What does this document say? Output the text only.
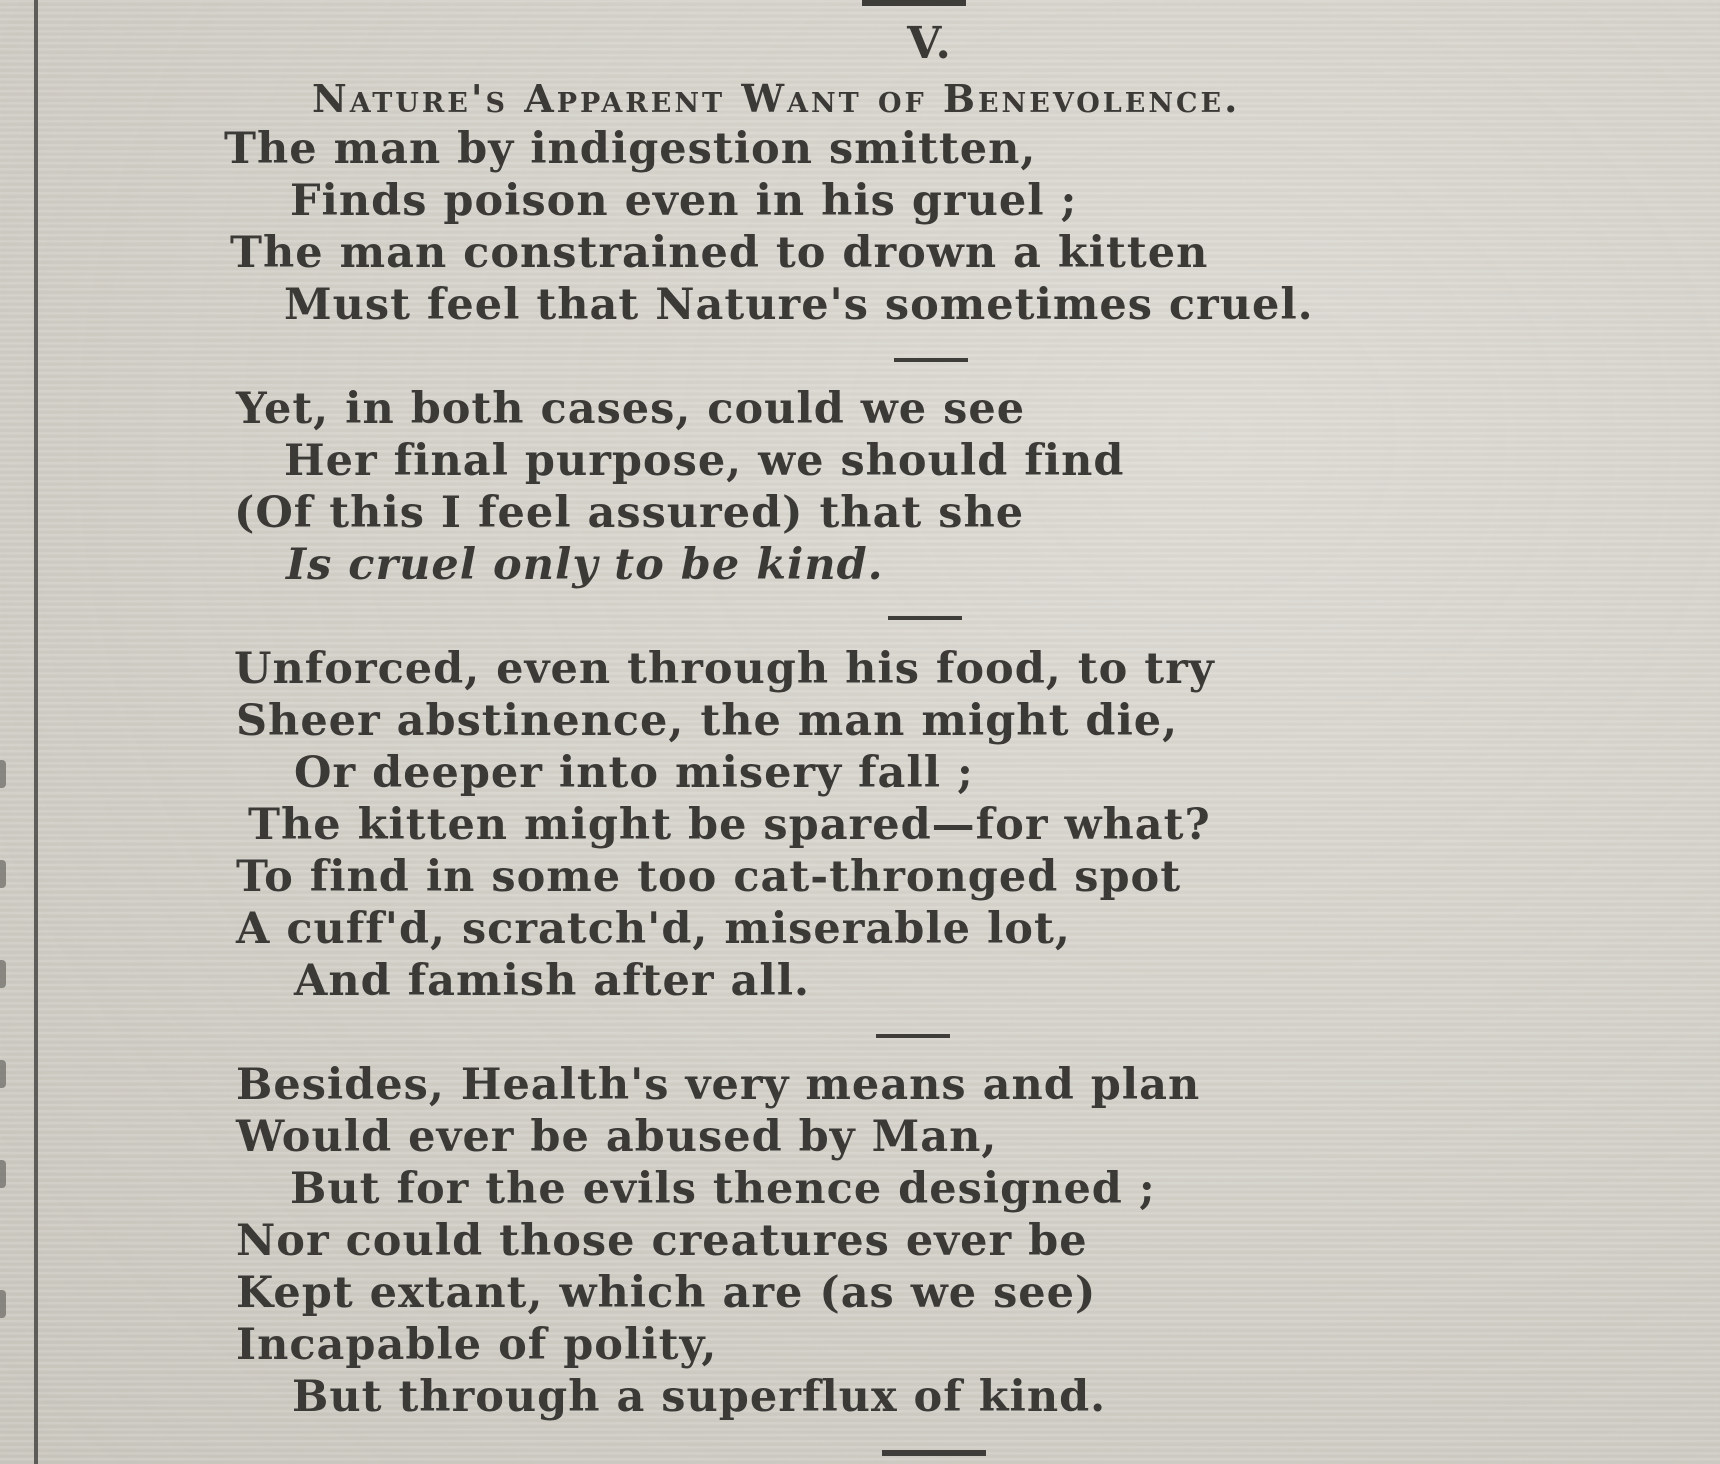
V.
Nature's Apparent Want of Benevolence.
The man by indigestion smitten,
Finds poison even in his gruel ;
The man constrained to drown a kitten
Must feel that Nature's sometimes cruel.
Yet, in both cases, could we see
Her final purpose, we should find
(Of this I feel assured) that she
Is cruel only to be kind.
Unforced, even through his food, to try
Sheer abstinence, the man might die,
Or deeper into misery fall ;
The kitten might be spared—for what?
To find in some too cat-thronged spot
A cuff'd, scratch'd, miserable lot,
And famish after all.
Besides, Health's very means and plan
Would ever be abused by Man,
But for the evils thence designed ;
Nor could those creatures ever be
Kept extant, which are (as we see)
Incapable of polity,
But through a superflux of kind.
